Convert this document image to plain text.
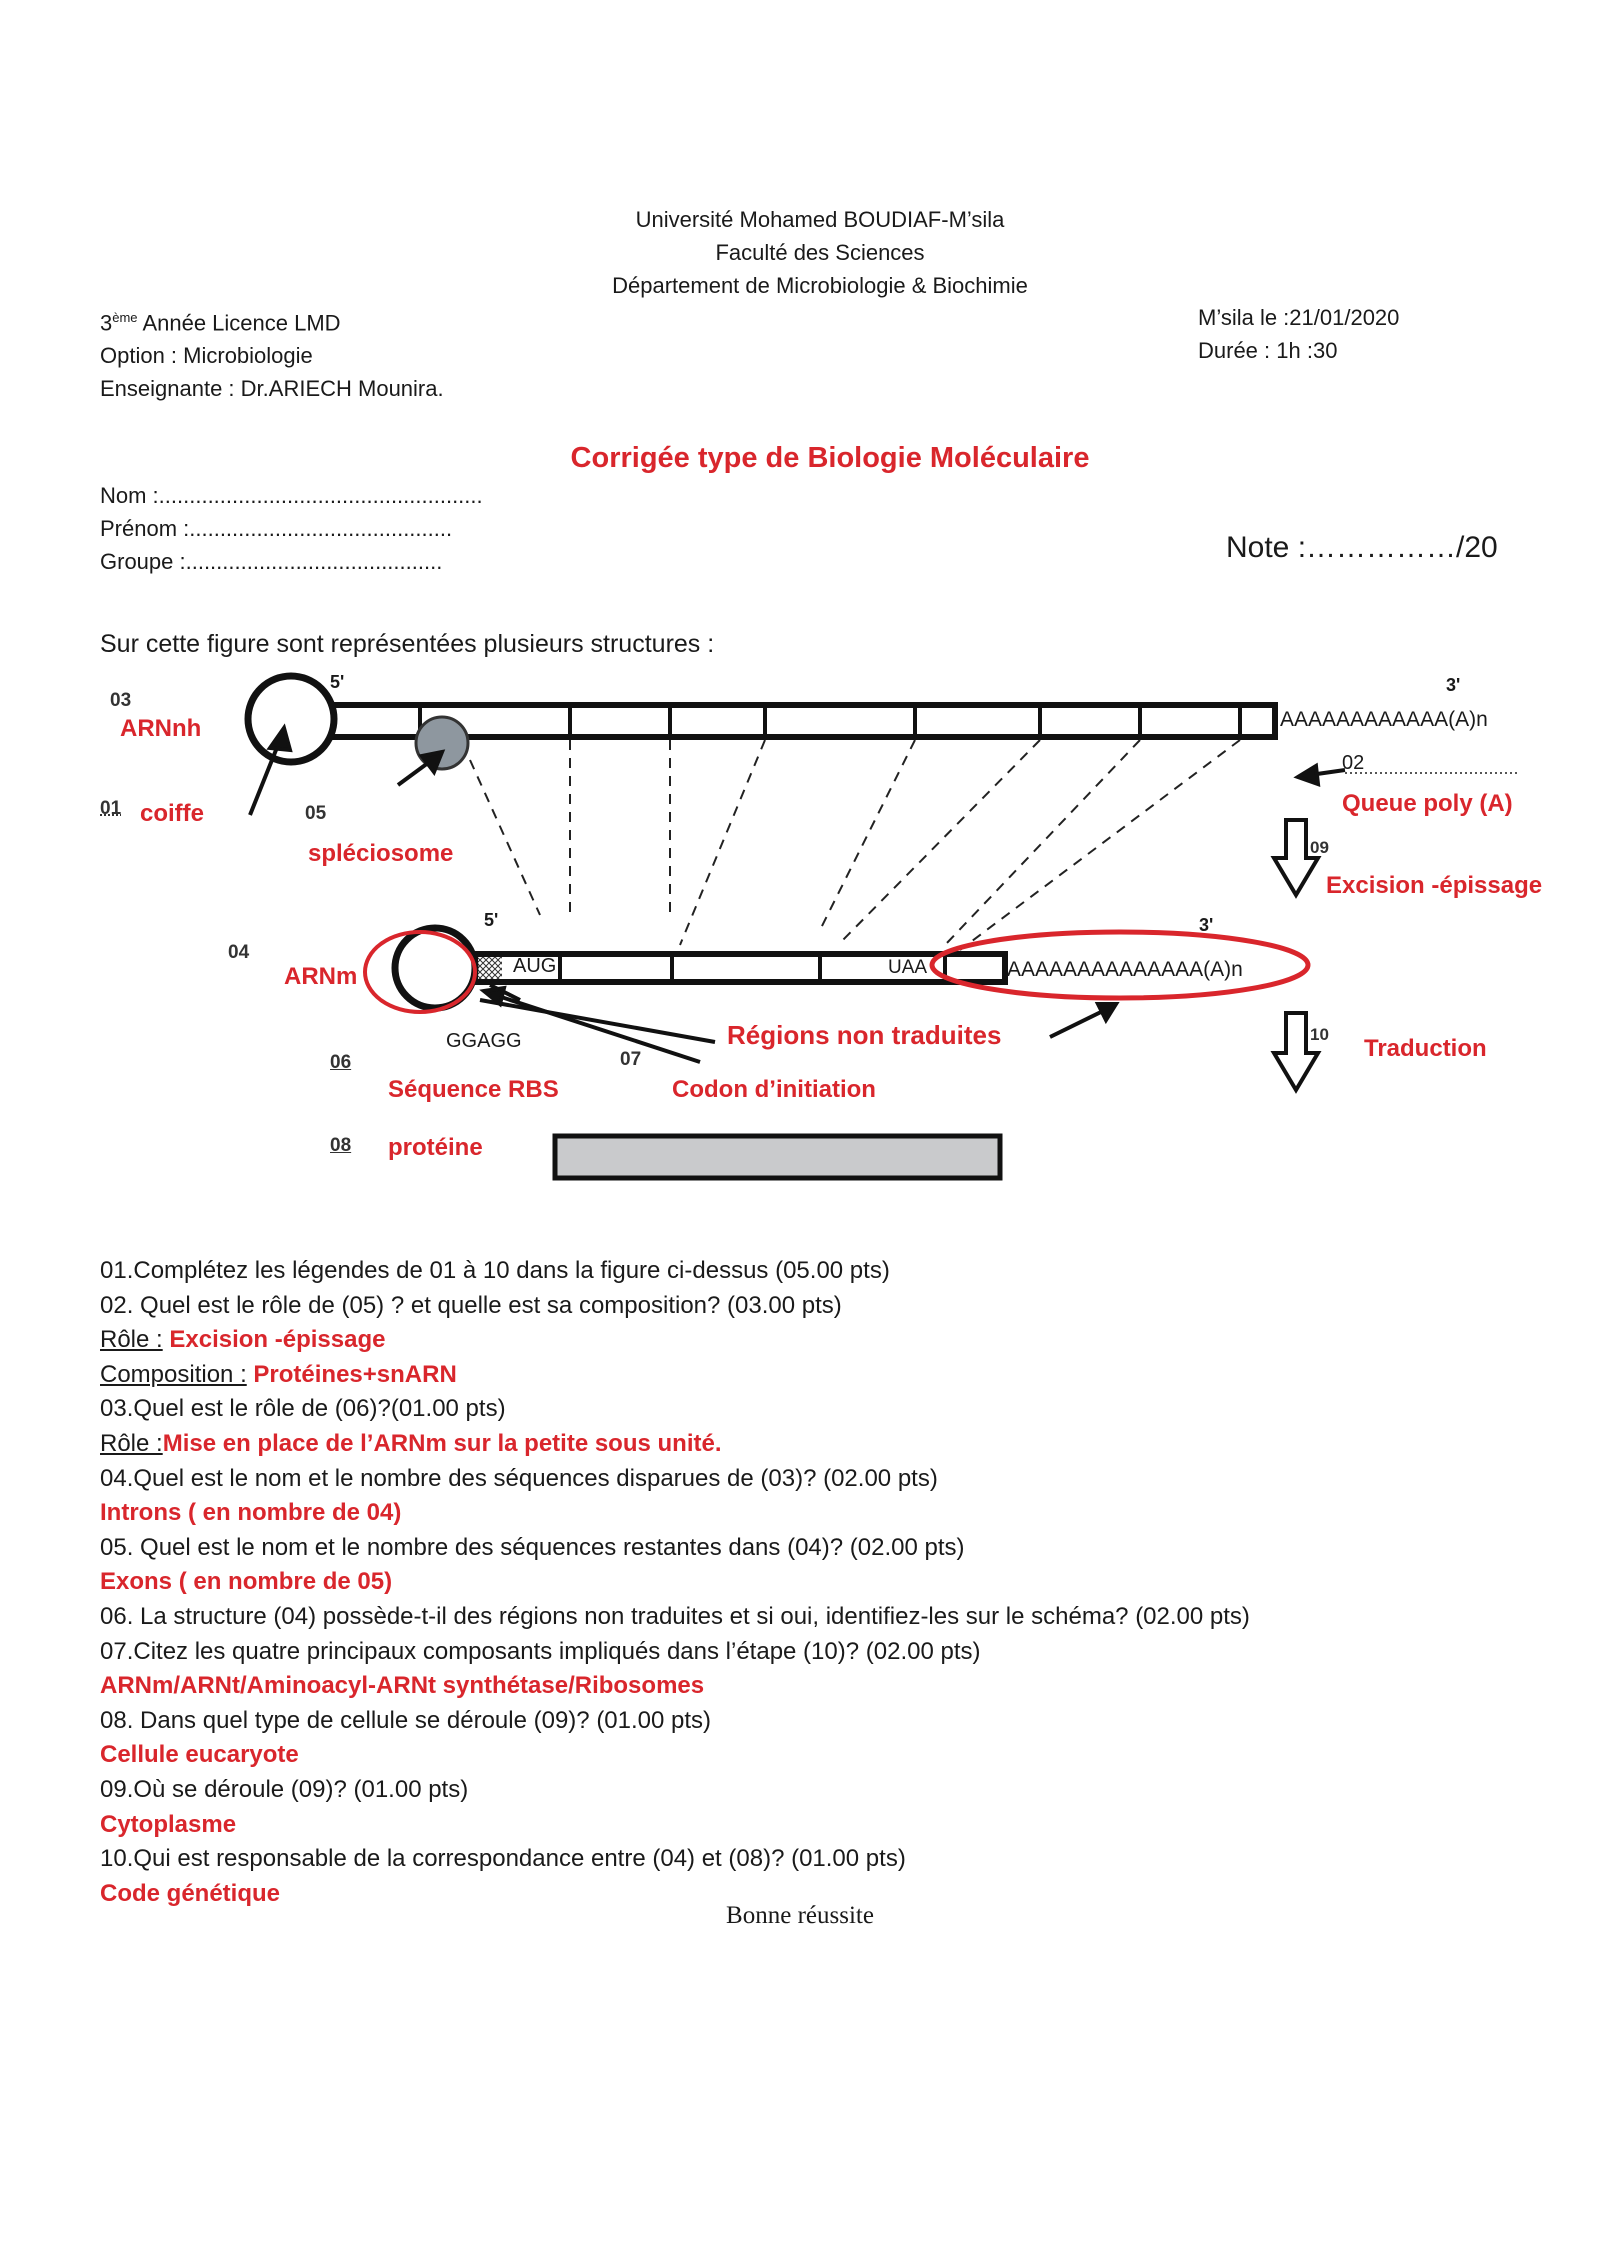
Université Mohamed BOUDIAF-M’sila
Faculté des Sciences
Département de Microbiologie & Biochimie
3ème Année Licence LMD
Option : Microbiologie
Enseignante : Dr.ARIECH Mounira.
M’sila le :21/01/2020
Durée : 1h :30
Corrigée type de Biologie Moléculaire
Nom :.....................................................
Prénom :...........................................
Groupe :..........................................	Note :……………/20
Sur cette figure sont représentées plusieurs structures :
03
ARNnh
01 coiffe	05
spléciosome
5'	3'
AAAAAAAAAAAA(A)n
02
Queue poly (A)
09
Excision -épissage
04
ARNm
5'	3'
AUG	UAA	AAAAAAAAAAAAAA(A)n
GGAGG	Régions non traduites	10
Traduction
06
Séquence RBS
07
Codon d’initiation
08 protéine
01.Complétez les légendes de 01 à 10 dans la figure ci-dessus (05.00 pts)
02. Quel est le rôle de (05) ? et quelle est sa composition? (03.00 pts)
Rôle : Excision -épissage
Composition : Protéines+snARN
03.Quel est le rôle de (06)?(01.00 pts)
Rôle :Mise en place de l’ARNm sur la petite sous unité.
04.Quel est le nom et le nombre des séquences disparues de (03)? (02.00 pts)
Introns ( en nombre de 04)
05. Quel est le nom et le nombre des séquences restantes dans (04)? (02.00 pts)
Exons ( en nombre de 05)
06. La structure (04) possède-t-il des régions non traduites et si oui, identifiez-les sur le schéma? (02.00 pts)
07.Citez les quatre principaux composants impliqués dans l’étape (10)? (02.00 pts)
ARNm/ARNt/Aminoacyl-ARNt synthétase/Ribosomes
08. Dans quel type de cellule se déroule (09)? (01.00 pts)
Cellule eucaryote
09.Où se déroule (09)? (01.00 pts)
Cytoplasme
10.Qui est responsable de la correspondance entre (04) et (08)? (01.00 pts)
Code génétique
Bonne réussite
